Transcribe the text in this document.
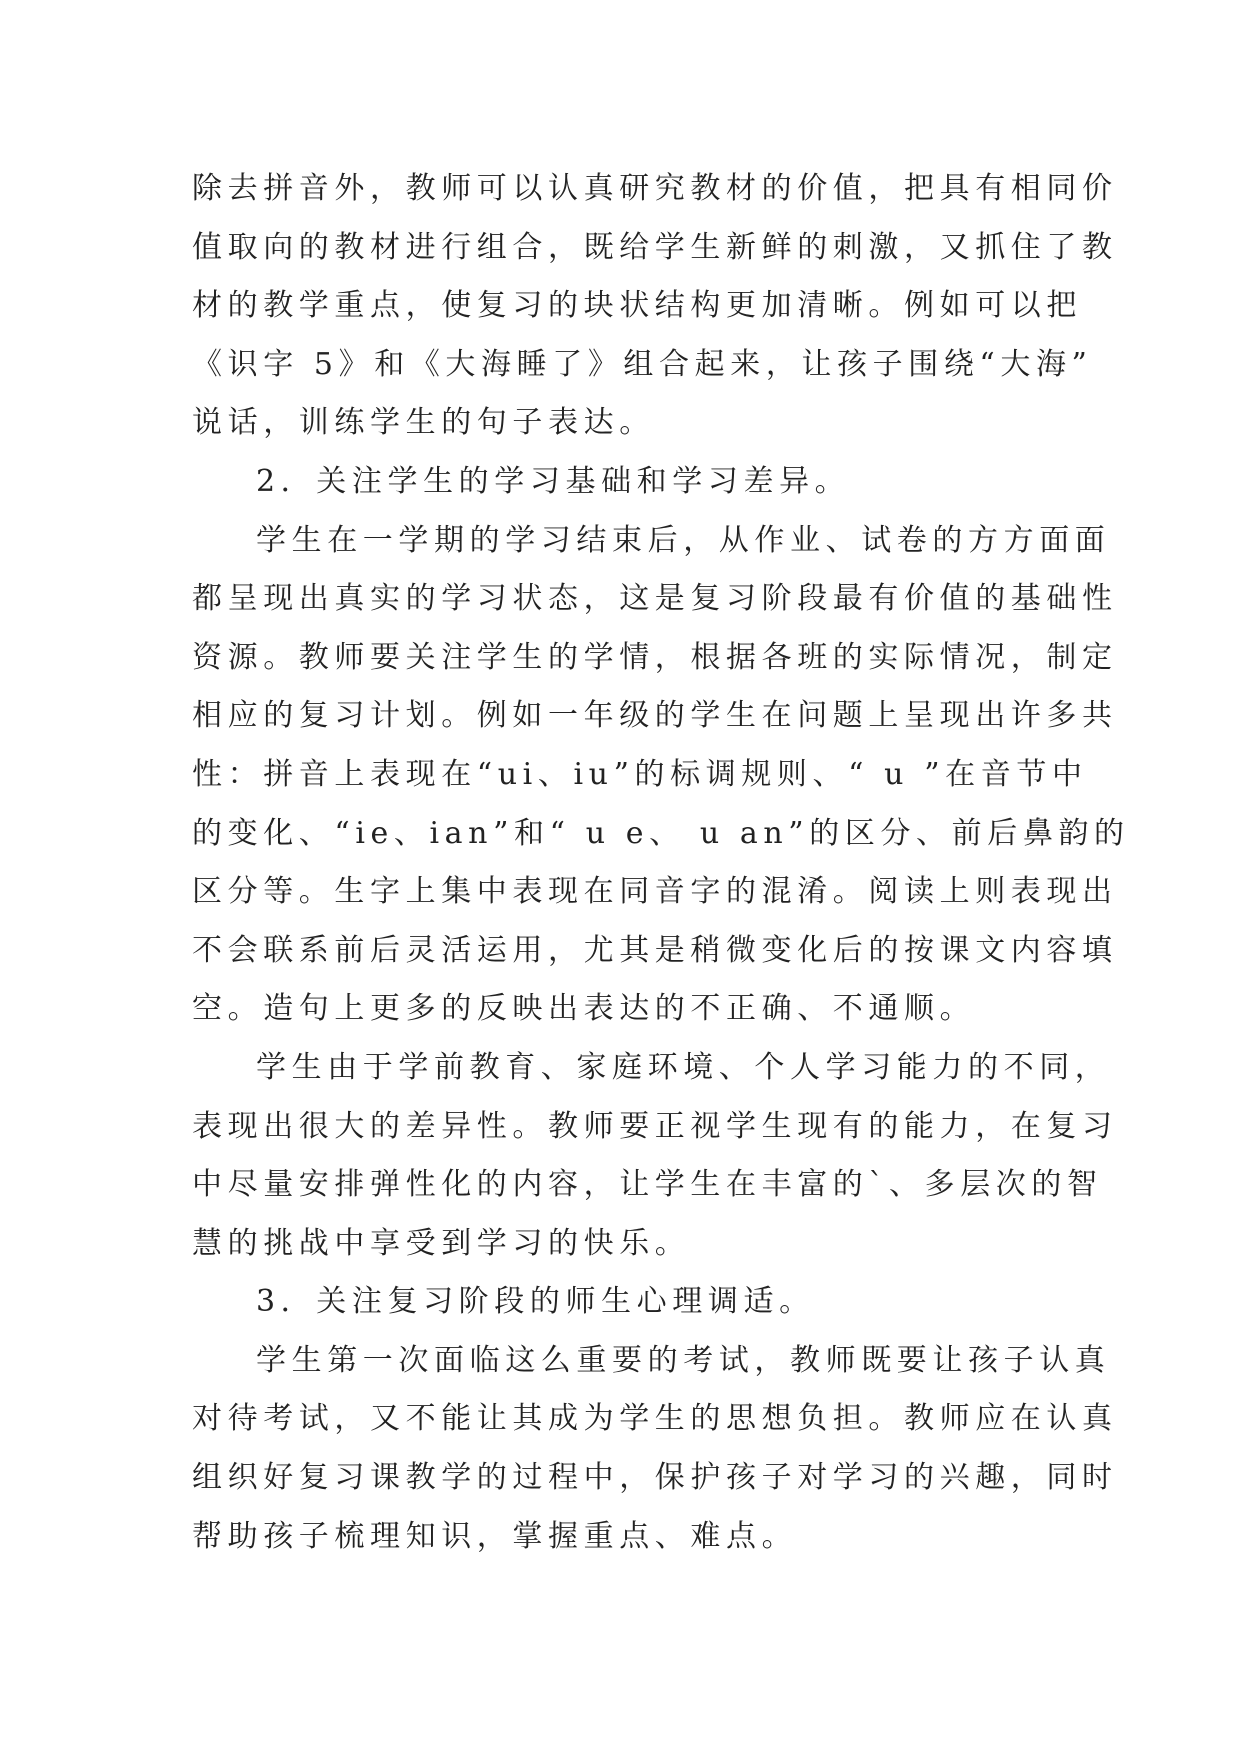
除去拼音外，教师可以认真研究教材的价值，把具有相同价
值取向的教材进行组合，既给学生新鲜的刺激，又抓住了教
材的教学重点，使复习的块状结构更加清晰。例如可以把
《识字 5》和《大海睡了》组合起来，让孩子围绕“大海”
说话，训练学生的句子表达。
2．关注学生的学习基础和学习差异。
学生在一学期的学习结束后，从作业、试卷的方方面面
都呈现出真实的学习状态，这是复习阶段最有价值的基础性
资源。教师要关注学生的学情，根据各班的实际情况，制定
相应的复习计划。例如一年级的学生在问题上呈现出许多共
性：拼音上表现在“ui、iu”的标调规则、“ u ”在音节中
的变化、“ie、ian”和“ u e、 u an”的区分、前后鼻韵的
区分等。生字上集中表现在同音字的混淆。阅读上则表现出
不会联系前后灵活运用，尤其是稍微变化后的按课文内容填
空。造句上更多的反映出表达的不正确、不通顺。
学生由于学前教育、家庭环境、个人学习能力的不同，
表现出很大的差异性。教师要正视学生现有的能力，在复习
中尽量安排弹性化的内容，让学生在丰富的`、多层次的智
慧的挑战中享受到学习的快乐。
3．关注复习阶段的师生心理调适。
学生第一次面临这么重要的考试，教师既要让孩子认真
对待考试，又不能让其成为学生的思想负担。教师应在认真
组织好复习课教学的过程中，保护孩子对学习的兴趣，同时
帮助孩子梳理知识，掌握重点、难点。
